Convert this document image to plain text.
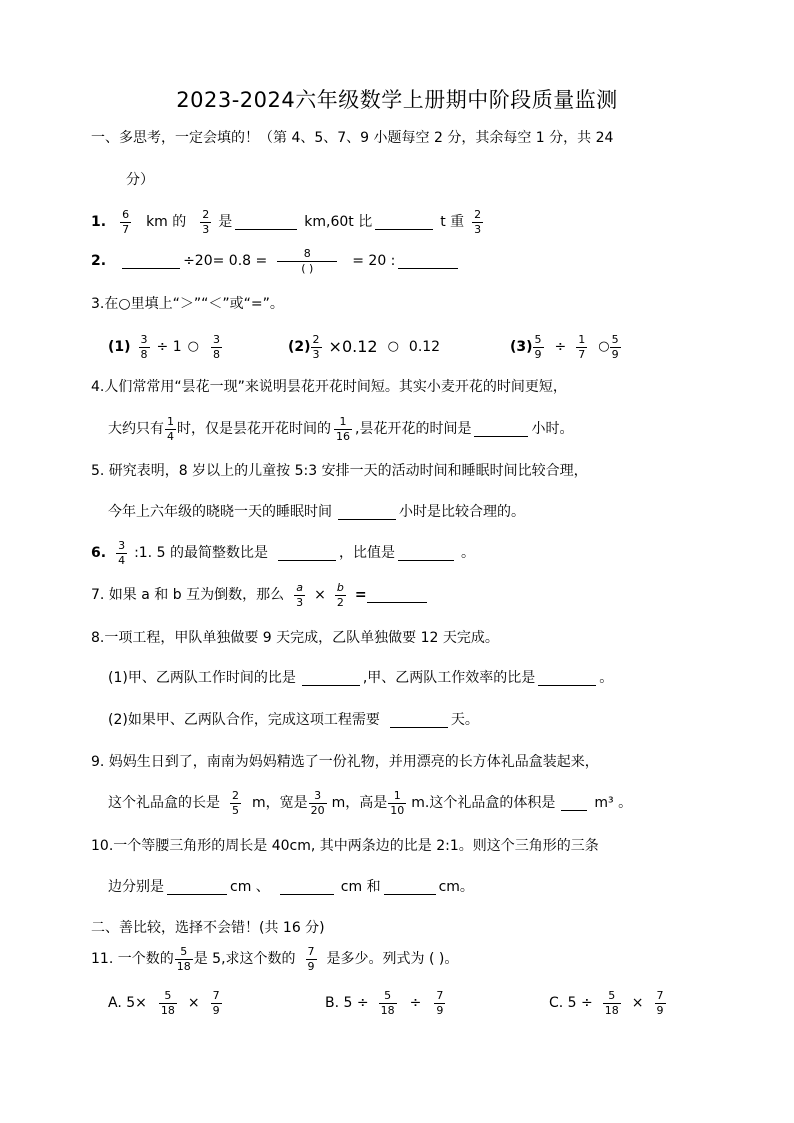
2023-2024六年级数学上册期中阶段质量监测
一、多思考，一定会填的！（第 4、5、7、9 小题每空 2 分，其余每空 1 分，共 24
分）
1. $\frac{6}{7}$ km 的 $\frac{2}{3}$ 是	km,60t 比	t 重 $\frac{2}{3}$
2.	$\div 20= 0.8 = \frac{8}{( )} = 20$ :
3.在○里填上“＞”“＜”或“=”。
$(1) \frac{3}{8} \div 1$ ○ $\frac{3}{8}$	$(2) \frac{2}{3} \times 0.12$ ○ 0.12	$(3) \frac{5}{9} \div \frac{1}{7}$ ○ $\frac{5}{9}$
4.人们常常用“昙花一现”来说明昙花开花时间短。其实小麦开花的时间更短，
大约只有 $\frac{1}{4}$ 时，仅是昙花开花时间的 $\frac{1}{16}$ ,昙花开花的时间是	小时。
5. 研究表明，8 岁以上的儿童按 5:3 安排一天的活动时间和睡眠时间比较合理，
今年上六年级的晓晓一天的睡眠时间	小时是比较合理的。
6. $\frac{3}{4}$ :1. 5 的最简整数比是	，比值是	。
7. 如果 a 和 b 互为倒数，那么 $\frac{a}{3} \times \frac{b}{2}$ =
8.一项工程，甲队单独做要 9 天完成，乙队单独做要 12 天完成。
(1)甲、乙两队工作时间的比是	,甲、乙两队工作效率的比是	。
(2)如果甲、乙两队合作，完成这项工程需要	天。
9. 妈妈生日到了，南南为妈妈精选了一份礼物，并用漂亮的长方体礼品盒装起来，
这个礼品盒的长是 $\frac{2}{5}$ m，宽是 $\frac{3}{20}$ m，高是 $\frac{1}{10} m$.这个礼品盒的体积是	m³ 。
10.一个等腰三角形的周长是 40cm, 其中两条边的比是 2:1。则这个三角形的三条
边分别是	cm 、	cm 和	cm。
二、善比较，选择不会错！(共 16 分)
11. 一个数的 $\frac{5}{18}$ 是 5,求这个数的 $\frac{7}{9}$ 是多少。列式为 ( )。
A. $5\times \frac{5}{18} \times \frac{7}{9}$	B. $5 \div \frac{5}{18} \div \frac{7}{9}$	C. $5 \div \frac{5}{18} \times \frac{7}{9}$
